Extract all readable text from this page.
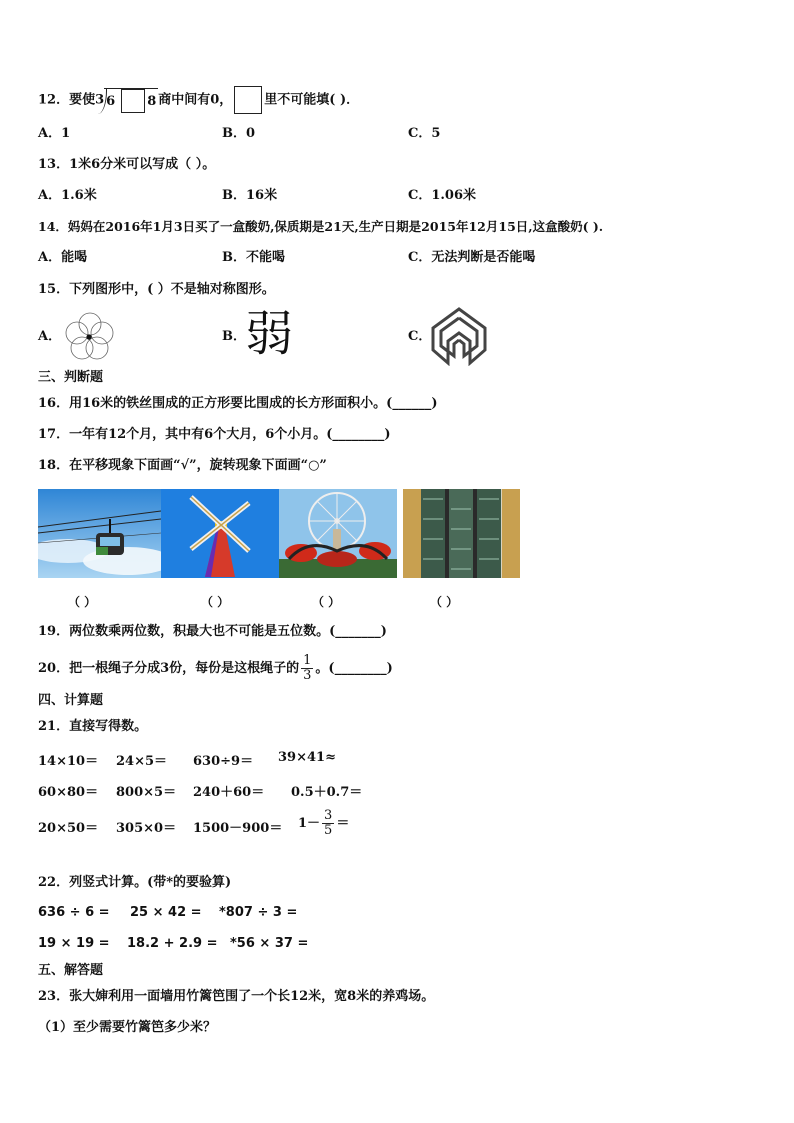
12．要使3 6 8 商中间有0， 里不可能填( )．
A．1	B．0	C．5
13．1米6分米可以写成（ ）。
A．1.6米	B．16米	C．1.06米
14．妈妈在2016年1月3日买了一盒酸奶,保质期是21天,生产日期是2015年12月15日,这盒酸奶( ).
A．能喝	B．不能喝	C．无法判断是否能喝
15．下列图形中，( ）不是轴对称图形。
A．	B． 弱	C．
三、判断题
16．用16米的铁丝围成的正方形要比围成的长方形面积小。(______)
17．一年有12个月，其中有6个大月，6个小月。(________)
18．在平移现象下面画“√”，旋转现象下面画“○”
（ ）	（ ）	（ ）	（ ）
19．两位数乘两位数，积最大也不可能是五位数。(_______)
20．把一根绳子分成3份，每份是这根绳子的 $\frac{1}{3}$ 。(________)
四、计算题
21．直接写得数。
14×10＝ 24×5＝ 630÷9＝ 39×41≈
60×80＝ 800×5＝ 240＋60＝ 0.5＋0.7＝
$20\times 50= 305\times 0= 1500-900= 1- \frac{3}{5}$ ＝
22．列竖式计算。(带*的要验算)
636 ÷ 6 = 25 × 42 = *807 ÷ 3 =
19 × 19 = 18.2 + 2.9 = *56 × 37 =
五、解答题
23．张大婶利用一面墙用竹篱笆围了一个长12米，宽8米的养鸡场。
（1）至少需要竹篱笆多少米？
